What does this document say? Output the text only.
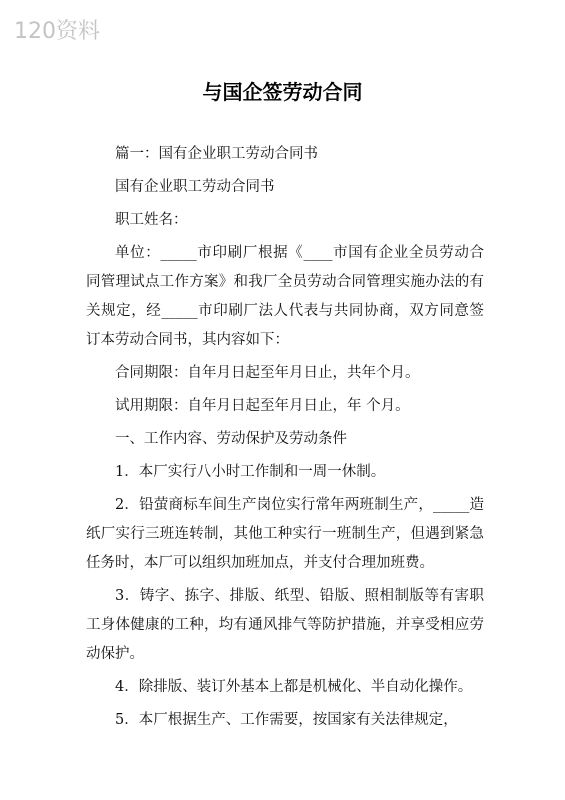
120资料
与国企签劳动合同

篇一：国有企业职工劳动合同书

国有企业职工劳动合同书

职工姓名：

单位：_____市印刷厂根据《____市国有企业全员劳动合同管理试点工作方案》和我厂全员劳动合同管理实施办法的有关规定，经_____市印刷厂法人代表与共同协商，双方同意签订本劳动合同书，其内容如下：

合同期限：自年月日起至年月日止，共年个月。

试用期限：自年月日起至年月日止，年 个月。

一、工作内容、劳动保护及劳动条件

1．本厂实行八小时工作制和一周一休制。

2．铅萤商标车间生产岗位实行常年两班制生产，_____造纸厂实行三班连转制，其他工种实行一班制生产，但遇到紧急任务时，本厂可以组织加班加点，并支付合理加班费。

3．铸字、拣字、排版、纸型、铅版、照相制版等有害职工身体健康的工种，均有通风排气等防护措施，并享受相应劳动保护。

4．除排版、装订外基本上都是机械化、半自动化操作。

5．本厂根据生产、工作需要，按国家有关法律规定，
